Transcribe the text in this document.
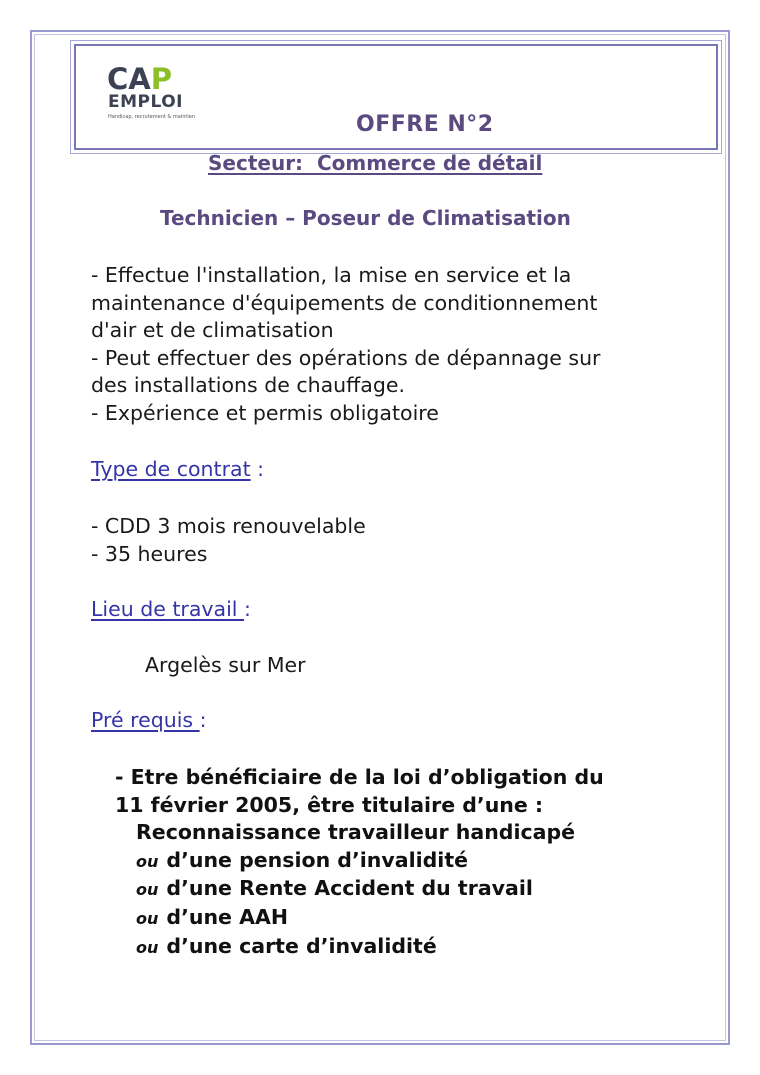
CAP
EMPLOI
Handicap, recrutement & maintien	OFFRE N°2
Secteur:  Commerce de détail
Technicien – Poseur de Climatisation
- Effectue l'installation, la mise en service et la
maintenance d'équipements de conditionnement
d'air et de climatisation
- Peut effectuer des opérations de dépannage sur
des installations de chauffage.
- Expérience et permis obligatoire
Type de contrat :
- CDD 3 mois renouvelable
- 35 heures
Lieu de travail :
Argelès sur Mer
Pré requis :
- Etre bénéficiaire de la loi d’obligation du
11 février 2005, être titulaire d’une :
Reconnaissance travailleur handicapé
ou d’une pension d’invalidité
ou d’une Rente Accident du travail
ou d’une AAH
ou d’une carte d’invalidité
